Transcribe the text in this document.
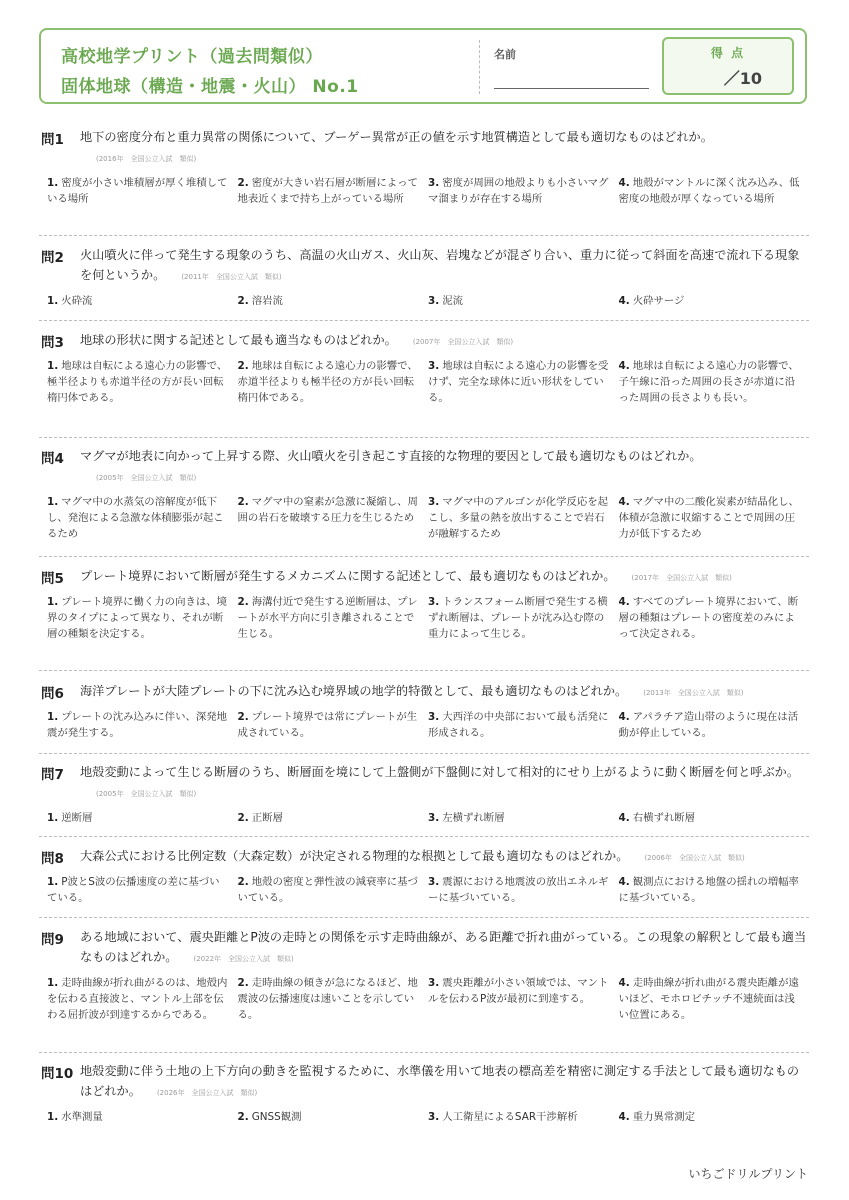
高校地学プリント（過去問類似）
固体地球（構造・地震・火山） No.1
名前	得 点
／10
問1 地下の密度分布と重力異常の関係について、ブーゲー異常が正の値を示す地質構造として最も適切なものはどれか。(2016年　全国公立入試　類似)
1. 密度が小さい堆積層が厚く堆積している場所
2. 密度が大きい岩石層が断層によって地表近くまで持ち上がっている場所
3. 密度が周囲の地殻よりも小さいマグマ溜まりが存在する場所
4. 地殻がマントルに深く沈み込み、低密度の地殻が厚くなっている場所
問2 火山噴火に伴って発生する現象のうち、高温の火山ガス、火山灰、岩塊などが混ざり合い、重力に従って斜面を高速で流れ下る現象を何というか。 (2011年　全国公立入試　類似)
1. 火砕流	2. 溶岩流	3. 泥流	4. 火砕サージ
問3 地球の形状に関する記述として最も適当なものはどれか。 (2007年　全国公立入試　類似)
1. 地球は自転による遠心力の影響で、極半径よりも赤道半径の方が長い回転楕円体である。
2. 地球は自転による遠心力の影響で、赤道半径よりも極半径の方が長い回転楕円体である。
3. 地球は自転による遠心力の影響を受けず、完全な球体に近い形状をしている。
4. 地球は自転による遠心力の影響で、子午線に沿った周囲の長さが赤道に沿った周囲の長さよりも長い。
問4 マグマが地表に向かって上昇する際、火山噴火を引き起こす直接的な物理的要因として最も適切なものはどれか。(2005年　全国公立入試　類似)
1. マグマ中の水蒸気の溶解度が低下し、発泡による急激な体積膨張が起こるため
2. マグマ中の窒素が急激に凝縮し、周囲の岩石を破壊する圧力を生じるため
3. マグマ中のアルゴンが化学反応を起こし、多量の熱を放出することで岩石が融解するため
4. マグマ中の二酸化炭素が結晶化し、体積が急激に収縮することで周囲の圧力が低下するため
問5 プレート境界において断層が発生するメカニズムに関する記述として、最も適切なものはどれか。 (2017年　全国公立入試　類似)
1. プレート境界に働く力の向きは、境界のタイプによって異なり、それが断層の種類を決定する。
2. 海溝付近で発生する逆断層は、プレートが水平方向に引き離されることで生じる。
3. トランスフォーム断層で発生する横ずれ断層は、プレートが沈み込む際の重力によって生じる。
4. すべてのプレート境界において、断層の種類はプレートの密度差のみによって決定される。
問6 海洋プレートが大陸プレートの下に沈み込む境界域の地学的特徴として、最も適切なものはどれか。 (2013年　全国公立入試　類似)
1. プレートの沈み込みに伴い、深発地震が発生する。
2. プレート境界では常にプレートが生成されている。
3. 大西洋の中央部において最も活発に形成される。
4. アパラチア造山帯のように現在は活動が停止している。
問7 地殻変動によって生じる断層のうち、断層面を境にして上盤側が下盤側に対して相対的にせり上がるように動く断層を何と呼ぶか。(2005年　全国公立入試　類似)
1. 逆断層	2. 正断層	3. 左横ずれ断層	4. 右横ずれ断層
問8 大森公式における比例定数（大森定数）が決定される物理的な根拠として最も適切なものはどれか。 (2006年　全国公立入試　類似)
1. P波とS波の伝播速度の差に基づいている。
2. 地殻の密度と弾性波の減衰率に基づいている。
3. 震源における地震波の放出エネルギーに基づいている。
4. 観測点における地盤の揺れの増幅率に基づいている。
問9 ある地域において、震央距離とP波の走時との関係を示す走時曲線が、ある距離で折れ曲がっている。この現象の解釈として最も適当なものはどれか。 (2022年　全国公立入試　類似)
1. 走時曲線が折れ曲がるのは、地殻内を伝わる直接波と、マントル上部を伝わる屈折波が到達するからである。
2. 走時曲線の傾きが急になるほど、地震波の伝播速度は速いことを示している。
3. 震央距離が小さい領域では、マントルを伝わるP波が最初に到達する。
4. 走時曲線が折れ曲がる震央距離が遠いほど、モホロビチッチ不連続面は浅い位置にある。
問10 地殻変動に伴う土地の上下方向の動きを監視するために、水準儀を用いて地表の標高差を精密に測定する手法として最も適切なものはどれか。 (2026年　全国公立入試　類似)
1. 水準測量	2. GNSS観測	3. 人工衛星によるSAR干渉解析	4. 重力異常測定
いちごドリルプリント
